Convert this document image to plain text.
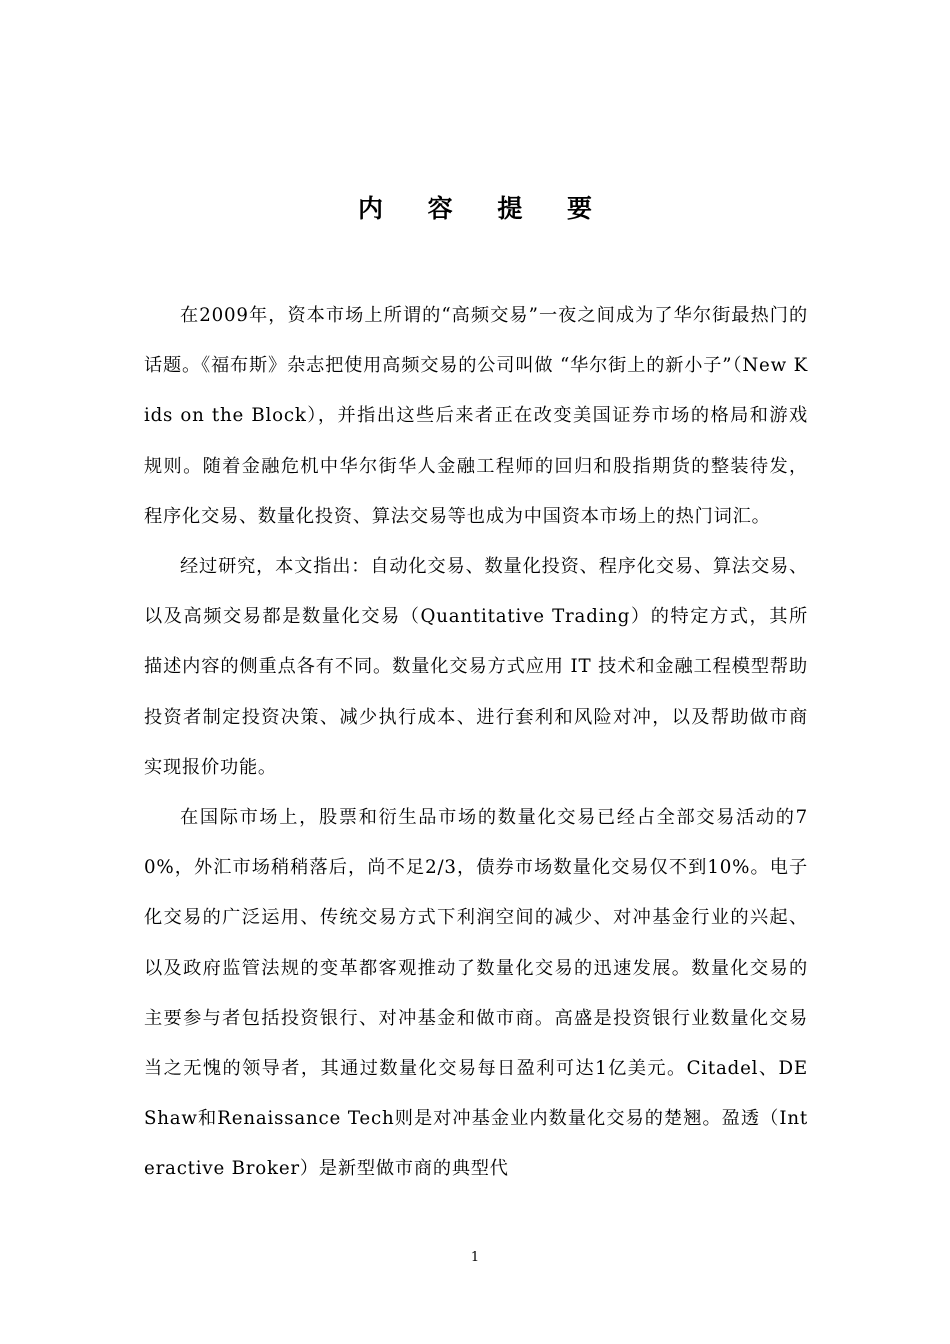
内 容 提 要

在2009年，资本市场上所谓的“高频交易”一夜之间成为了华尔街最热门的话题。《福布斯》杂志把使用高频交易的公司叫做 “华尔街上的新小子”（New Kids on the Block），并指出这些后来者正在改变美国证券市场的格局和游戏规则。随着金融危机中华尔街华人金融工程师的回归和股指期货的整装待发，程序化交易、数量化投资、算法交易等也成为中国资本市场上的热门词汇。

经过研究，本文指出：自动化交易、数量化投资、程序化交易、算法交易、以及高频交易都是数量化交易（Quantitative Trading）的特定方式，其所描述内容的侧重点各有不同。数量化交易方式应用 IT 技术和金融工程模型帮助投资者制定投资决策、减少执行成本、进行套利和风险对冲，以及帮助做市商实现报价功能。

在国际市场上，股票和衍生品市场的数量化交易已经占全部交易活动的70%，外汇市场稍稍落后，尚不足2/3，债券市场数量化交易仅不到10%。电子化交易的广泛运用、传统交易方式下利润空间的减少、对冲基金行业的兴起、以及政府监管法规的变革都客观推动了数量化交易的迅速发展。数量化交易的主要参与者包括投资银行、对冲基金和做市商。高盛是投资银行业数量化交易当之无愧的领导者，其通过数量化交易每日盈利可达1亿美元。Citadel、DE Shaw和Renaissance Tech则是对冲基金业内数量化交易的楚翘。盈透（Interactive Broker）是新型做市商的典型代

1
